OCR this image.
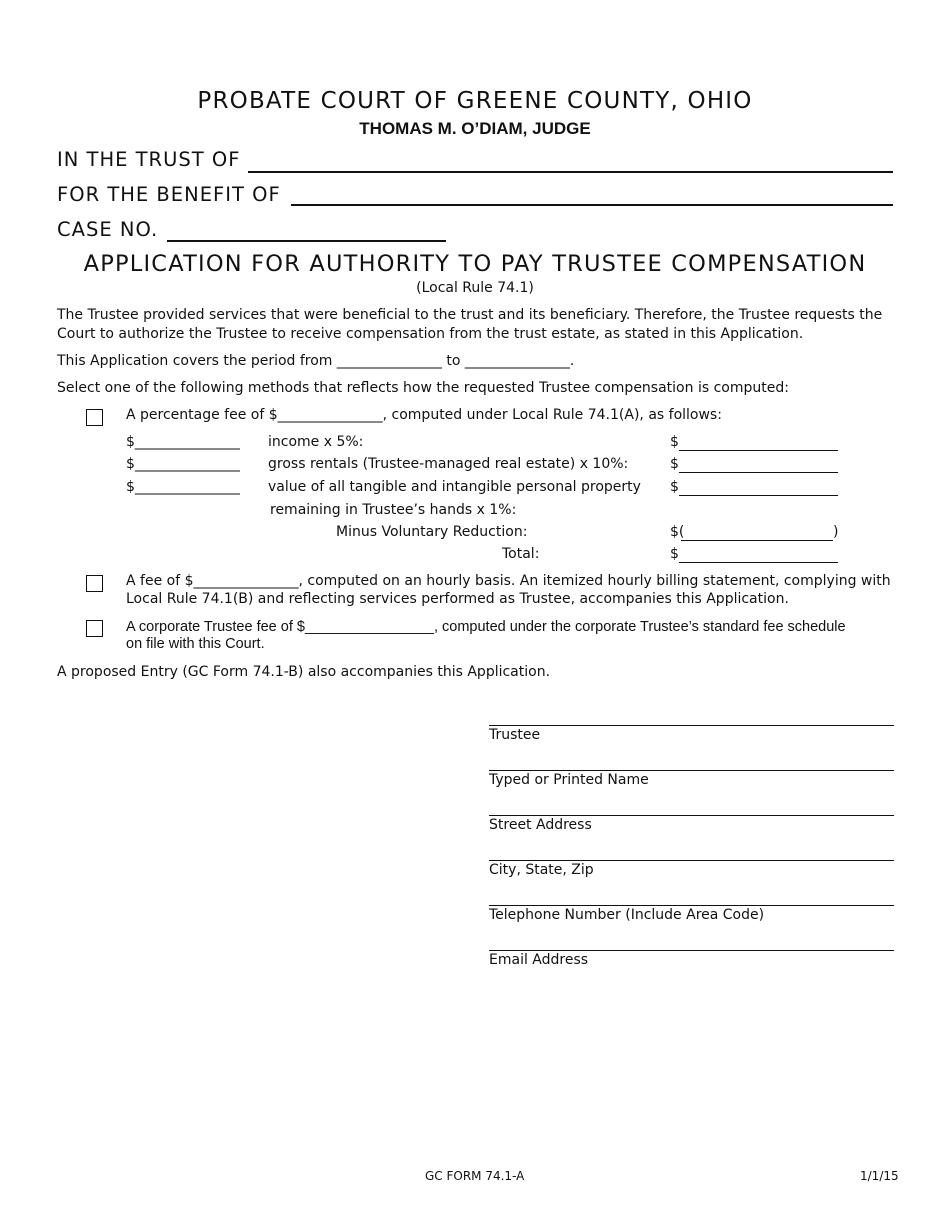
PROBATE COURT OF GREENE COUNTY, OHIO
THOMAS M. O’DIAM, JUDGE
IN THE TRUST OF
FOR THE BENEFIT OF
CASE NO.
APPLICATION FOR AUTHORITY TO PAY TRUSTEE COMPENSATION
(Local Rule 74.1)
The Trustee provided services that were beneficial to the trust and its beneficiary. Therefore, the Trustee requests the Court to authorize the Trustee to receive compensation from the trust estate, as stated in this Application.
This Application covers the period from _______________ to _______________.
Select one of the following methods that reflects how the requested Trustee compensation is computed:
A percentage fee of $_______________, computed under Local Rule 74.1(A), as follows:
$_______________ income x 5%:	$
$_______________ gross rentals (Trustee-managed real estate) x 10%:	$
$_______________ value of all tangible and intangible personal property $
remaining in Trustee’s hands x 1%:
Minus Voluntary Reduction:	$(	)
Total:	$
A fee of $_______________, computed on an hourly basis. An itemized hourly billing statement, complying with
Local Rule 74.1(B) and reflecting services performed as Trustee, accompanies this Application.
A corporate Trustee fee of $________________, computed under the corporate Trustee’s standard fee schedule
on file with this Court.
A proposed Entry (GC Form 74.1-B) also accompanies this Application.
Trustee
Typed or Printed Name
Street Address
City, State, Zip
Telephone Number (Include Area Code)
Email Address
GC FORM 74.1-A	1/1/15
